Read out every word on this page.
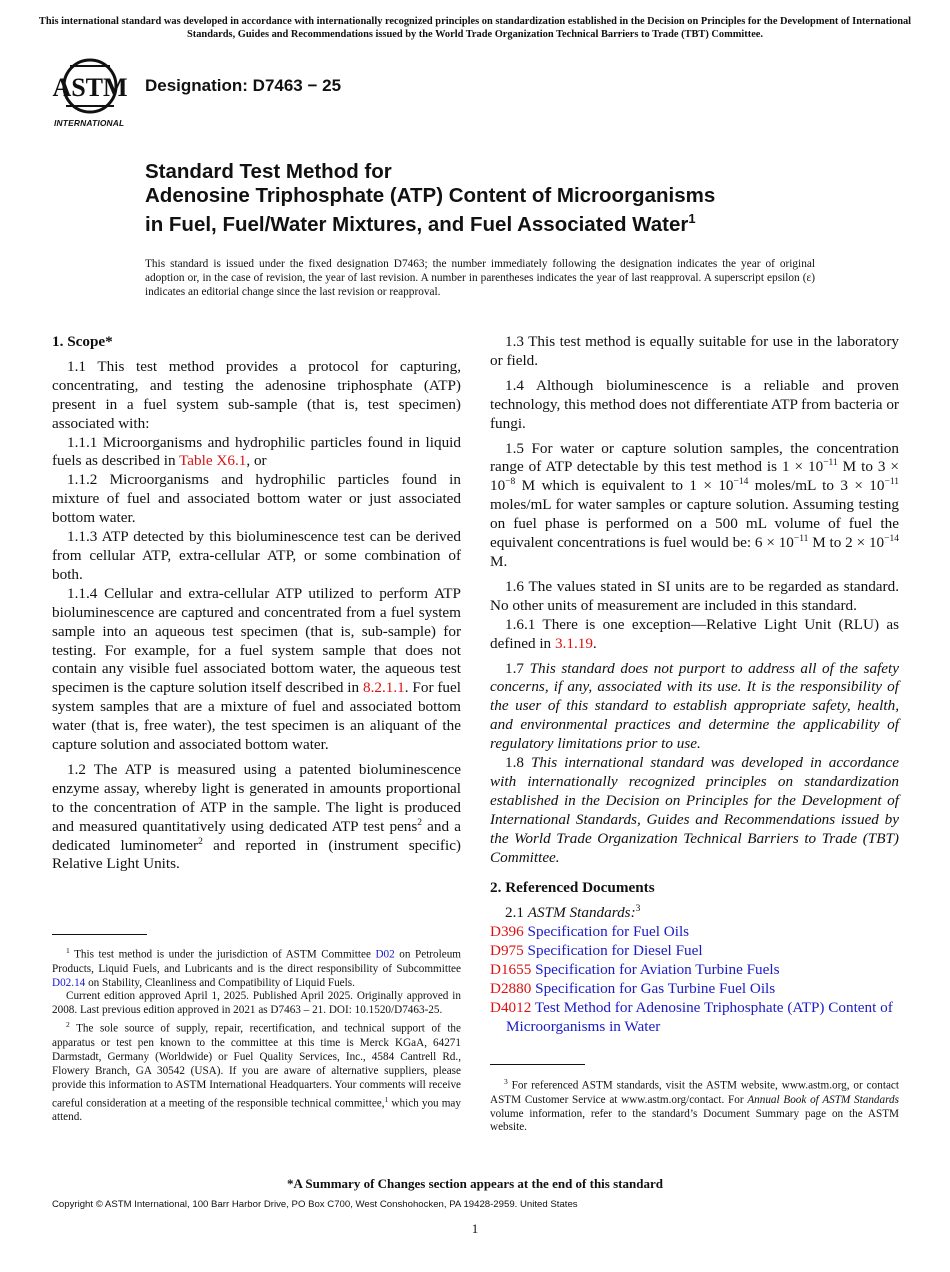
This international standard was developed in accordance with internationally recognized principles on standardization established in the Decision on Principles for the Development of International Standards, Guides and Recommendations issued by the World Trade Organization Technical Barriers to Trade (TBT) Committee.
ASTM
INTERNATIONAL
Designation: D7463 − 25
Standard Test Method for
Adenosine Triphosphate (ATP) Content of Microorganisms
in Fuel, Fuel/Water Mixtures, and Fuel Associated Water$^1$
This standard is issued under the fixed designation D7463; the number immediately following the designation indicates the year of original adoption or, in the case of revision, the year of last revision. A number in parentheses indicates the year of last reapproval. A superscript epsilon (ε) indicates an editorial change since the last revision or reapproval.
1. Scope*

1.1 This test method provides a protocol for capturing, concentrating, and testing the adenosine triphosphate (ATP) present in a fuel system sub-sample (that is, test specimen) associated with:

1.1.1 Microorganisms and hydrophilic particles found in liquid fuels as described in Table X6.1, or

1.1.2 Microorganisms and hydrophilic particles found in mixture of fuel and associated bottom water or just associated bottom water.

1.1.3 ATP detected by this bioluminescence test can be derived from cellular ATP, extra-cellular ATP, or some combination of both.

1.1.4 Cellular and extra-cellular ATP utilized to perform ATP bioluminescence are captured and concentrated from a fuel system sample into an aqueous test specimen (that is, sub-sample) for testing. For example, for a fuel system sample that does not contain any visible fuel associated bottom water, the aqueous test specimen is the capture solution itself described in 8.2.1.1. For fuel system samples that are a mixture of fuel and associated bottom water (that is, free water), the test specimen is an aliquant of the capture solution and associated bottom water.

1.2 The ATP is measured using a patented bioluminescence enzyme assay, whereby light is generated in amounts proportional to the concentration of ATP in the sample. The light is produced and measured quantitatively using dedicated ATP test pens$^2$ and a dedicated luminometer$^2$ and reported in (instrument specific) Relative Light Units.

1.3 This test method is equally suitable for use in the laboratory or field.

1.4 Although bioluminescence is a reliable and proven technology, this method does not differentiate ATP from bacteria or fungi.

1.5 For water or capture solution samples, the concentration range of ATP detectable by this test method is $1 \times 10^{-11}$ M to $3 \times 10^{-8}$ M which is equivalent to $1 \times 10^{-14}$ moles/mL to $3 \times 10^{-11}$ moles/mL for water samples or capture solution. Assuming testing on fuel phase is performed on a 500 mL volume of fuel the equivalent concentrations is fuel would be: $6 \times 10^{-11}$ M to $2 \times 10^{-14}$ M.

1.6 The values stated in SI units are to be regarded as standard. No other units of measurement are included in this standard.

1.6.1 There is one exception—Relative Light Unit (RLU) as defined in 3.1.19.

1.7 This standard does not purport to address all of the safety concerns, if any, associated with its use. It is the responsibility of the user of this standard to establish appropriate safety, health, and environmental practices and determine the applicability of regulatory limitations prior to use.

1.8 This international standard was developed in accordance with internationally recognized principles on standardization established in the Decision on Principles for the Development of International Standards, Guides and Recommendations issued by the World Trade Organization Technical Barriers to Trade (TBT) Committee.

2. Referenced Documents

2.1 ASTM Standards:$^3$

D396 Specification for Fuel Oils

D975 Specification for Diesel Fuel

D1655 Specification for Aviation Turbine Fuels

D2880 Specification for Gas Turbine Fuel Oils

D4012 Test Method for Adenosine Triphosphate (ATP) Content of Microorganisms in Water

$^1$ This test method is under the jurisdiction of ASTM Committee D02 on Petroleum Products, Liquid Fuels, and Lubricants and is the direct responsibility of Subcommittee D02.14 on Stability, Cleanliness and Compatibility of Liquid Fuels.

Current edition approved April 1, 2025. Published April 2025. Originally approved in 2008. Last previous edition approved in 2021 as D7463 – 21. DOI: 10.1520/D7463-25.

$^2$ The sole source of supply, repair, recertification, and technical support of the apparatus or test pen known to the committee at this time is Merck KGaA, 64271 Darmstadt, Germany (Worldwide) or Fuel Quality Services, Inc., 4584 Cantrell Rd., Flowery Branch, GA 30542 (USA). If you are aware of alternative suppliers, please provide this information to ASTM International Headquarters. Your comments will receive careful consideration at a meeting of the responsible technical committee,$^1$ which you may attend.

$^3$ For referenced ASTM standards, visit the ASTM website, www.astm.org, or contact ASTM Customer Service at www.astm.org/contact. For Annual Book of ASTM Standards volume information, refer to the standard’s Document Summary page on the ASTM website.

*A Summary of Changes section appears at the end of this standard
Copyright © ASTM International, 100 Barr Harbor Drive, PO Box C700, West Conshohocken, PA 19428-2959. United States
1
